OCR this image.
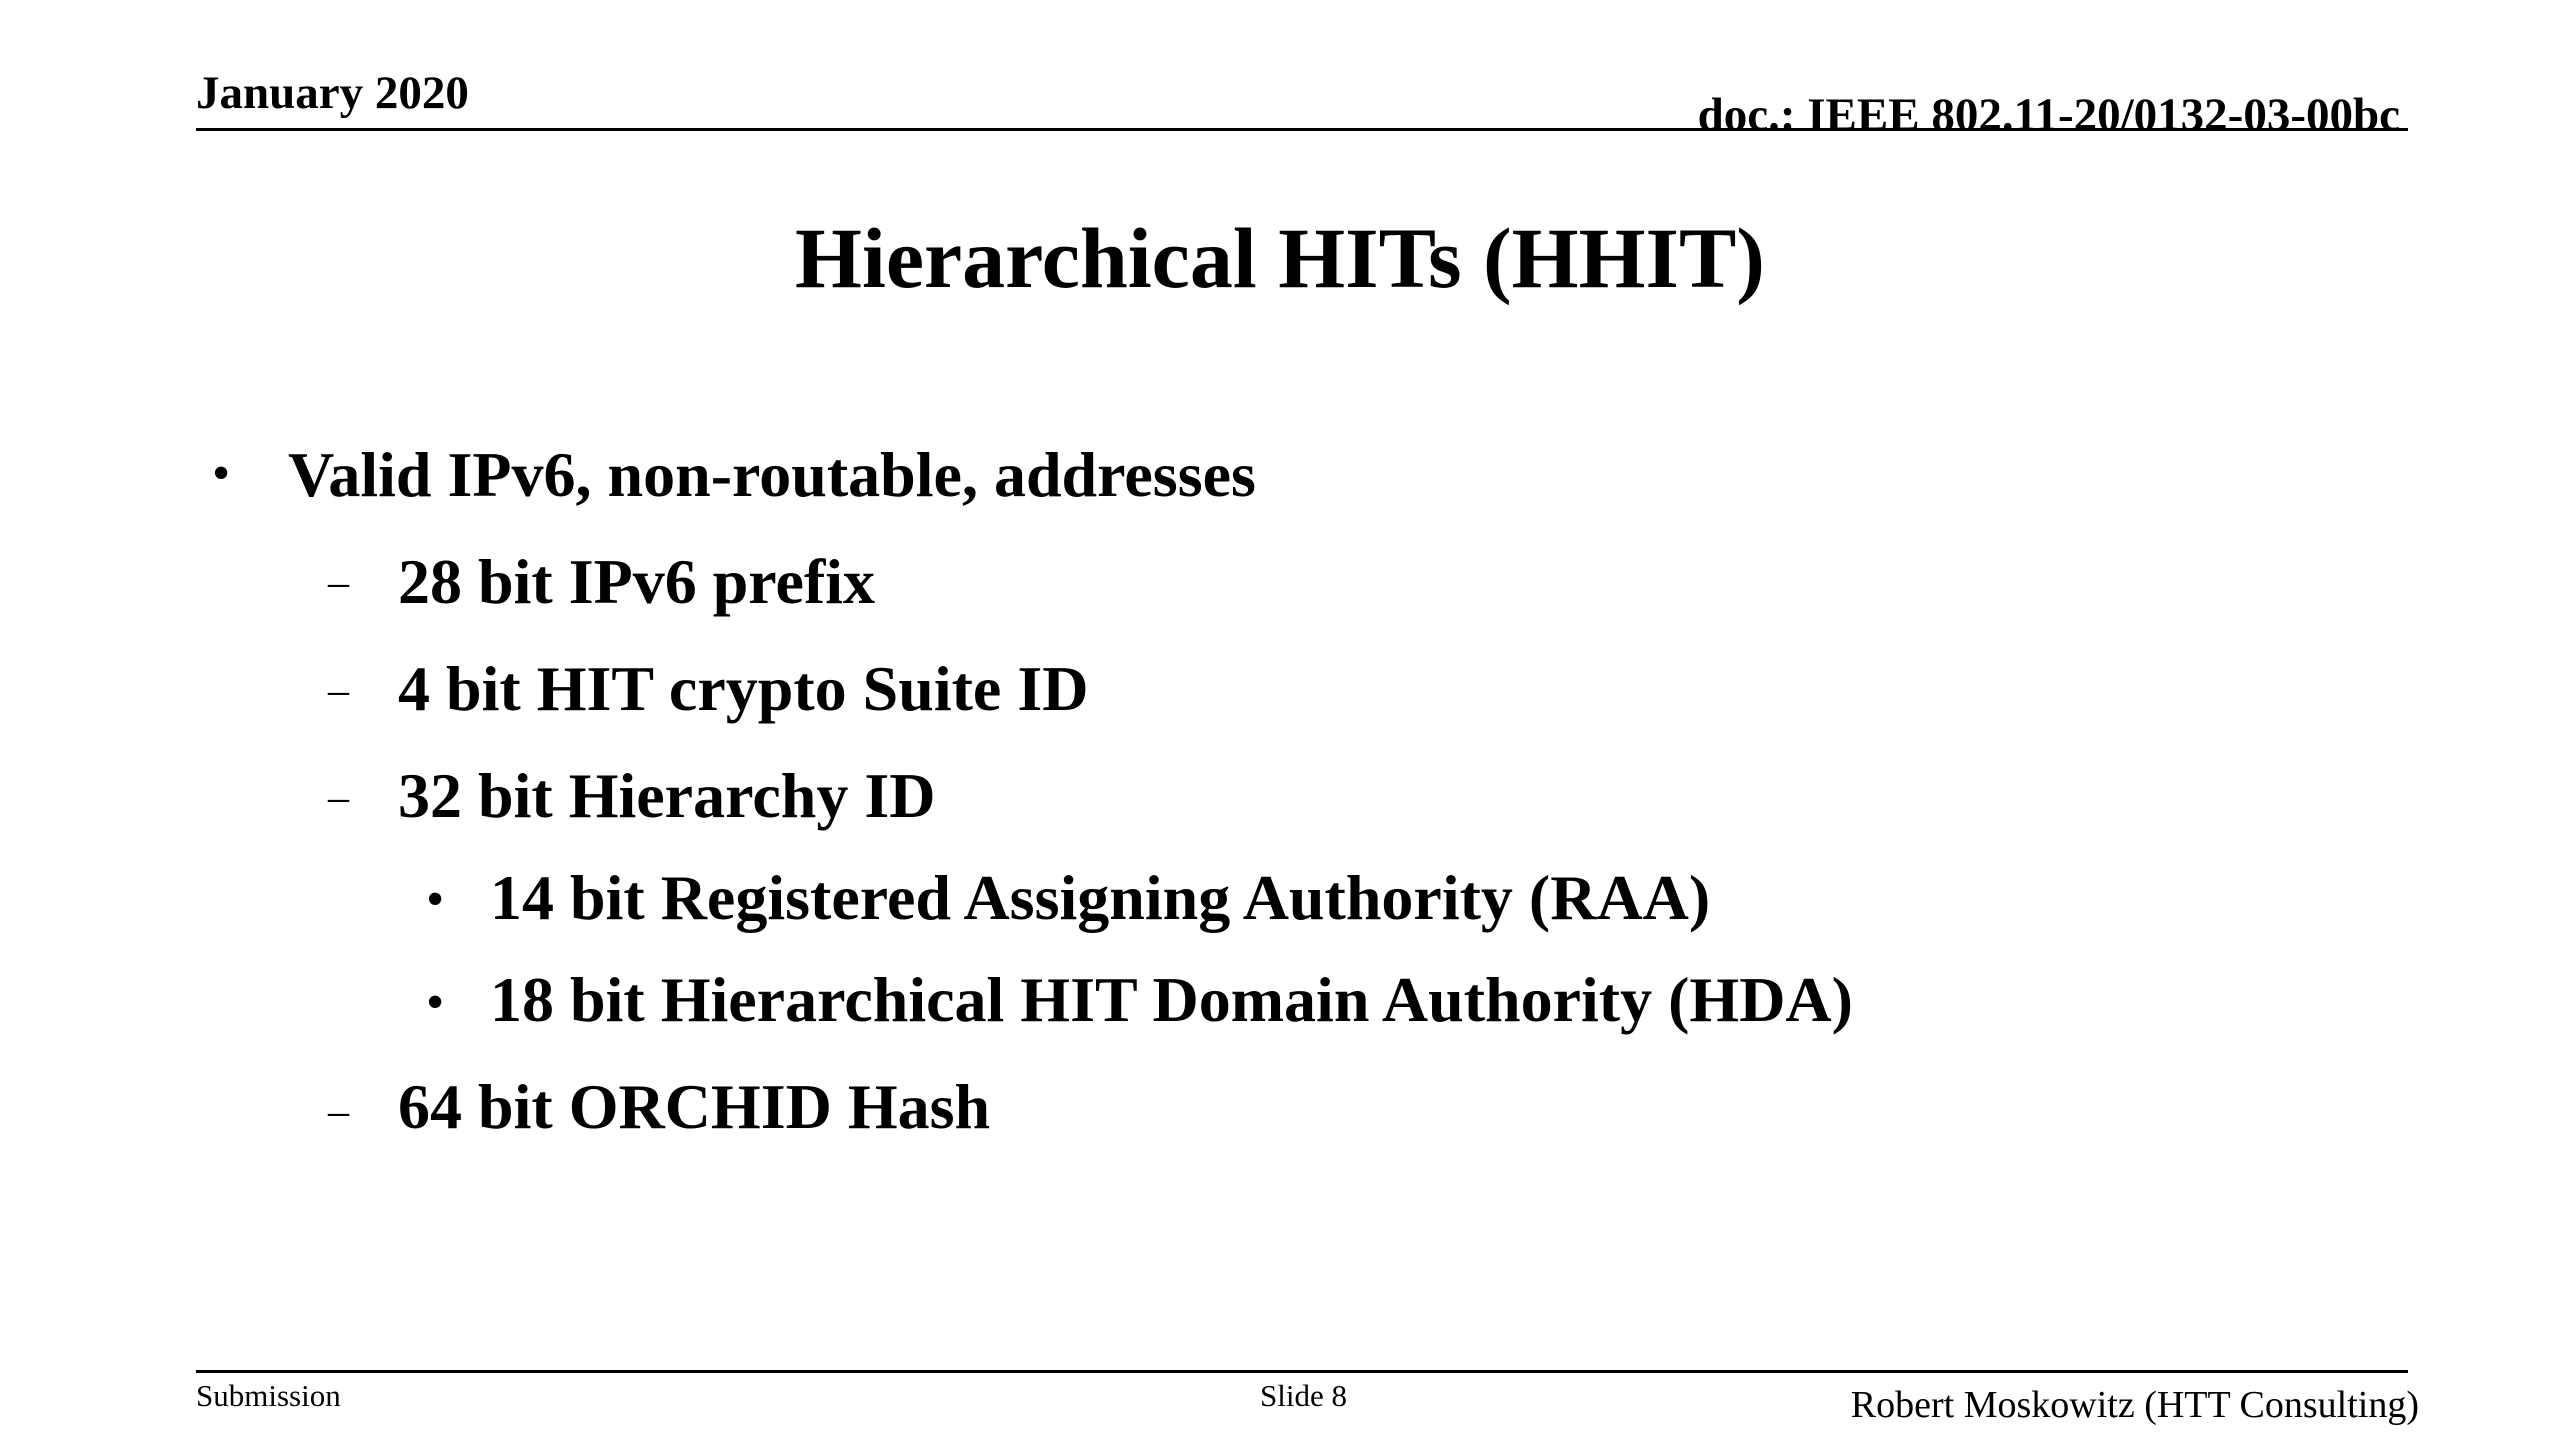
January 2020	doc.: IEEE 802.11-20/0132-03-00bc
Hierarchical HITs (HHIT)
• Valid IPv6, non-routable, addresses
– 28 bit IPv6 prefix
– 4 bit HIT crypto Suite ID
– 32 bit Hierarchy ID
• 14 bit Registered Assigning Authority (RAA)
• 18 bit Hierarchical HIT Domain Authority (HDA)
– 64 bit ORCHID Hash
Submission	Slide 8	Robert Moskowitz (HTT Consulting)
